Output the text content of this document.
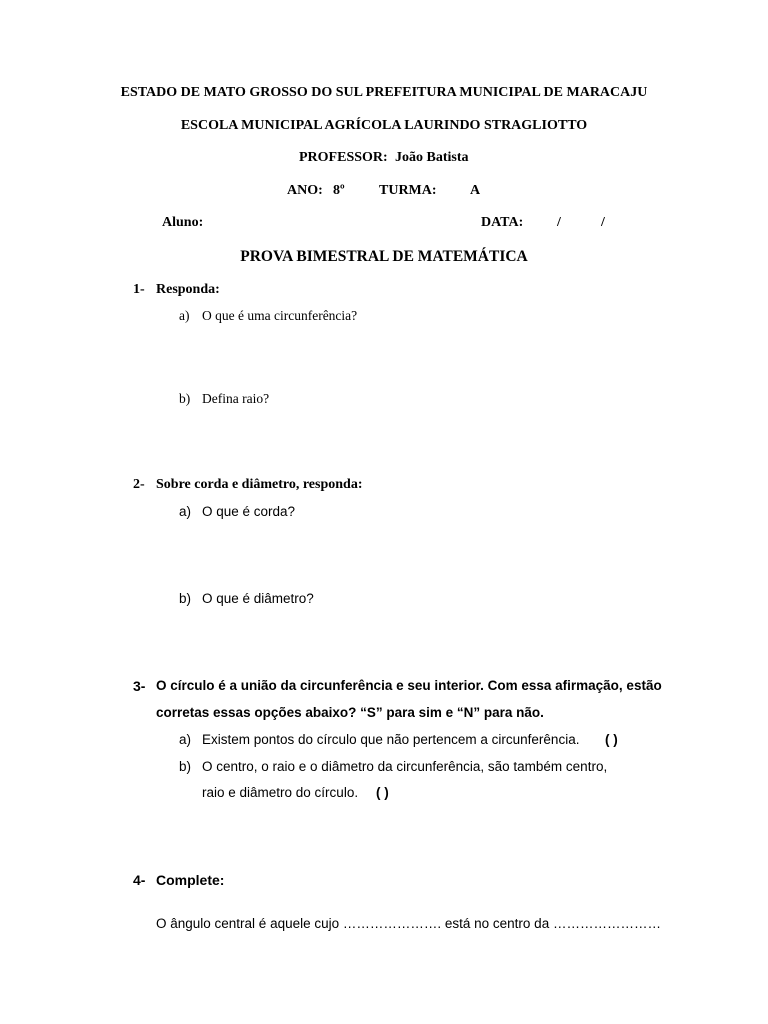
ESTADO DE MATO GROSSO DO SUL PREFEITURA MUNICIPAL DE MARACAJU
ESCOLA MUNICIPAL AGRÍCOLA LAURINDO STRAGLIOTTO
PROFESSOR: João Batista
ANO: 8º TURMA: A
Aluno:	DATA: /	/
PROVA BIMESTRAL DE MATEMÁTICA
1- Responda:
a) O que é uma circunferência?
b) Defina raio?
2- Sobre corda e diâmetro, responda:
a) O que é corda?
b) O que é diâmetro?
3- O círculo é a união da circunferência e seu interior. Com essa afirmação, estão
corretas essas opções abaixo? “S” para sim e “N” para não.
a) Existem pontos do círculo que não pertencem a circunferência. ( )
b) O centro, o raio e o diâmetro da circunferência, são também centro,
raio e diâmetro do círculo. ( )
4- Complete:
O ângulo central é aquele cujo …………………. está no centro da ……………………
